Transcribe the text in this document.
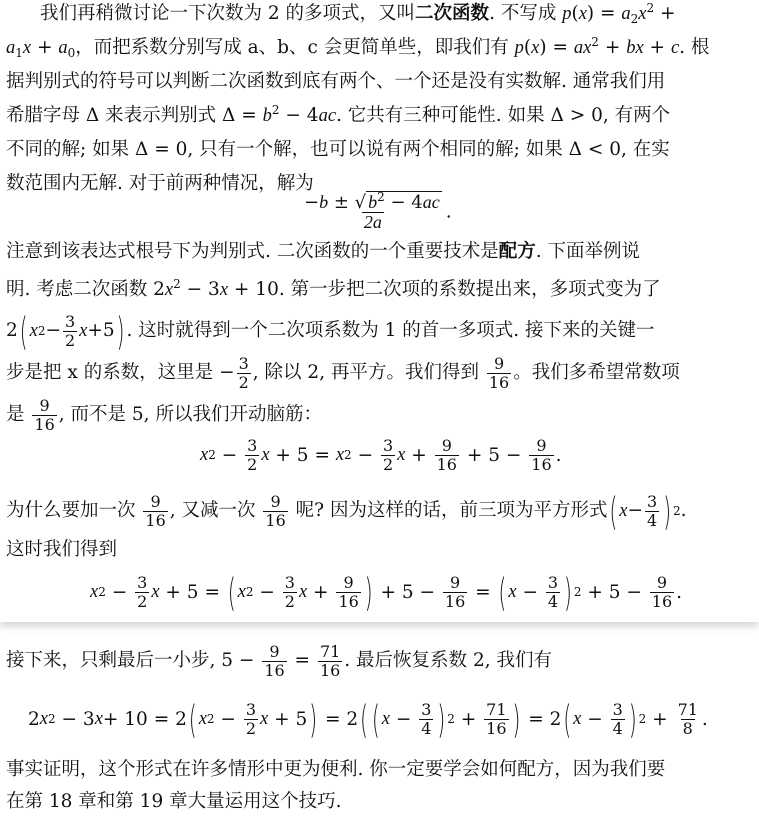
我们再稍微讨论一下次数为 2 的多项式，又叫二次函数. 不写成 $p(x) = a_2x^2$ +
$a_1x + a_0$，而把系数分别写成 a、b、c 会更简单些，即我们有 $p(x) = ax^2$ + bx + c. 根
据判别式的符号可以判断二次函数到底有两个、一个还是没有实数解. 通常我们用
希腊字母 Δ 来表示判别式 $\Delta = b^2 - 4ac$. 它共有三种可能性. 如果 Δ > 0, 有两个
不同的解; 如果 Δ = 0, 只有一个解，也可以说有两个相同的解; 如果 Δ < 0, 在实
数范围内无解. 对于前两种情况，解为
$\frac{-b \pm √ b^2 - 4ac}{2a}$ .
注意到该表达式根号下为判别式. 二次函数的一个重要技术是配方. 下面举例说
明. 考虑二次函数 $2x^2 - 3x + 10$. 第一步把二次项的系数提出来，多项式变为了
2 ( x $2 - \frac{3}{2}$ x +5 ) . 这时就得到一个二次项系数为 1 的首一多项式. 接下来的关键一
步是把 x 的系数，这里是 − $\frac{3}{2}$ , 除以 2, 再平方。我们得到
$\frac{9}{16}$ 。我们多希望常数项
是
$\frac{9}{16}$ , 而不是 5, 所以我们开动脑筋：
x $2 - \frac{3}{2}$ x + 5 = x $2 - \frac{3}{2}$ $x + \frac{9}{16} + 5 - \frac{9}{16}$ .
为什么要加一次
$\frac{9}{16}$ , 又减一次
$\frac{9}{16}$
呢? 因为这样的话，前三项为平方形式 ( $x - \frac{3}{4}$ ) 2 .
这时我们得到
x $2 - \frac{3}{2}$ x + 5 = ( x $2 - \frac{3}{2}$ $x + \frac{9}{16}$ ) + $5 - \frac{9}{16}$ = ( $x - \frac{3}{4}$ ) $2 + 5 - \frac{9}{16}$ .
接下来，只剩最后一小步, $5 - \frac{9}{16} = \frac{71}{16}$ . 最后恢复系数 2, 我们有
2 x 2 − 3 x + 10 = 2 ( x $2 - \frac{3}{2}$ x + 5 ) = 2 ( ( $x - \frac{3}{4}$ ) $2 + \frac{71}{16}$ ) = 2 ( $x - \frac{3}{4}$ ) $2 + \frac{71}{8}$ .
事实证明，这个形式在许多情形中更为便利. 你一定要学会如何配方，因为我们要
在第 18 章和第 19 章大量运用这个技巧.
